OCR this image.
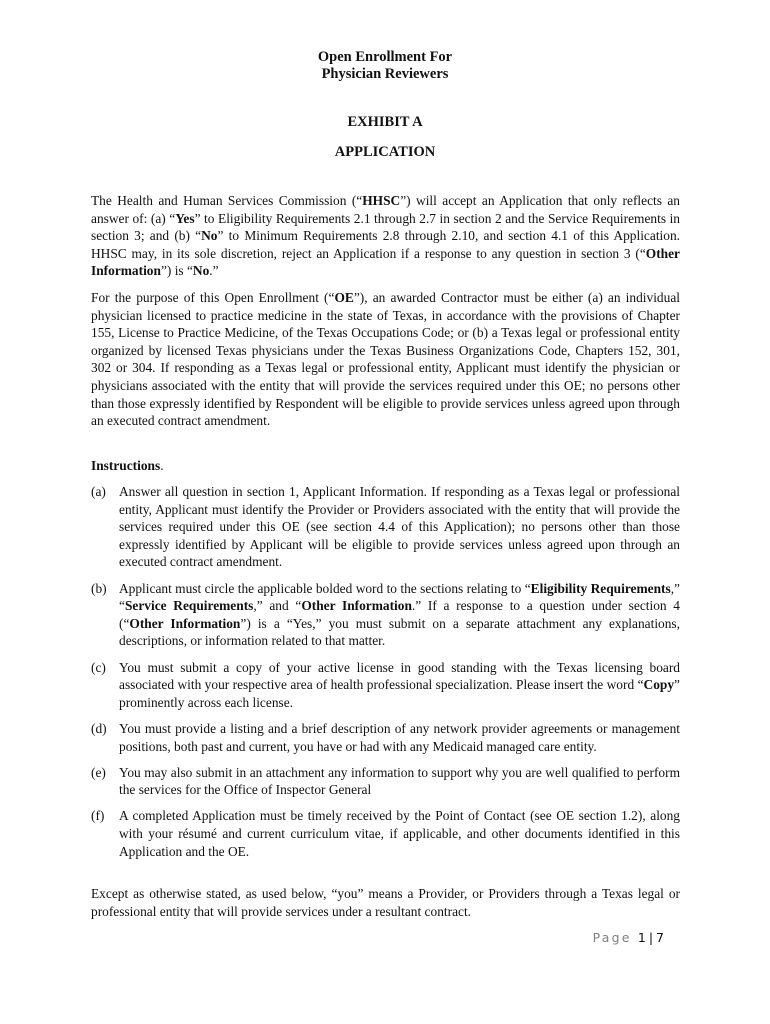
Open Enrollment For
Physician Reviewers
EXHIBIT A
APPLICATION
The Health and Human Services Commission (“HHSC”) will accept an Application that only reflects an answer of: (a) “Yes” to Eligibility Requirements 2.1 through 2.7 in section 2 and the Service Requirements in section 3; and (b) “No” to Minimum Requirements 2.8 through 2.10, and section 4.1 of this Application. HHSC may, in its sole discretion, reject an Application if a response to any question in section 3 (“Other Information”) is “No.”
For the purpose of this Open Enrollment (“OE”), an awarded Contractor must be either (a) an individual physician licensed to practice medicine in the state of Texas, in accordance with the provisions of Chapter 155, License to Practice Medicine, of the Texas Occupations Code; or (b) a Texas legal or professional entity organized by licensed Texas physicians under the Texas Business Organizations Code, Chapters 152, 301, 302 or 304. If responding as a Texas legal or professional entity, Applicant must identify the physician or physicians associated with the entity that will provide the services required under this OE; no persons other than those expressly identified by Respondent will be eligible to provide services unless agreed upon through an executed contract amendment.
Instructions.
(a) Answer all question in section 1, Applicant Information. If responding as a Texas legal or professional entity, Applicant must identify the Provider or Providers associated with the entity that will provide the services required under this OE (see section 4.4 of this Application); no persons other than those expressly identified by Applicant will be eligible to provide services unless agreed upon through an executed contract amendment.
(b) Applicant must circle the applicable bolded word to the sections relating to “Eligibility Requirements,” “Service Requirements,” and “Other Information.” If a response to a question under section 4 (“Other Information”) is a “Yes,” you must submit on a separate attachment any explanations, descriptions, or information related to that matter.
(c) You must submit a copy of your active license in good standing with the Texas licensing board associated with your respective area of health professional specialization. Please insert the word “Copy” prominently across each license.
(d) You must provide a listing and a brief description of any network provider agreements or management positions, both past and current, you have or had with any Medicaid managed care entity.
(e) You may also submit in an attachment any information to support why you are well qualified to perform the services for the Office of Inspector General
(f) A completed Application must be timely received by the Point of Contact (see OE section 1.2), along with your résumé and current curriculum vitae, if applicable, and other documents identified in this Application and the OE.
Except as otherwise stated, as used below, “you” means a Provider, or Providers through a Texas legal or professional entity that will provide services under a resultant contract.
Page 1 | 7
